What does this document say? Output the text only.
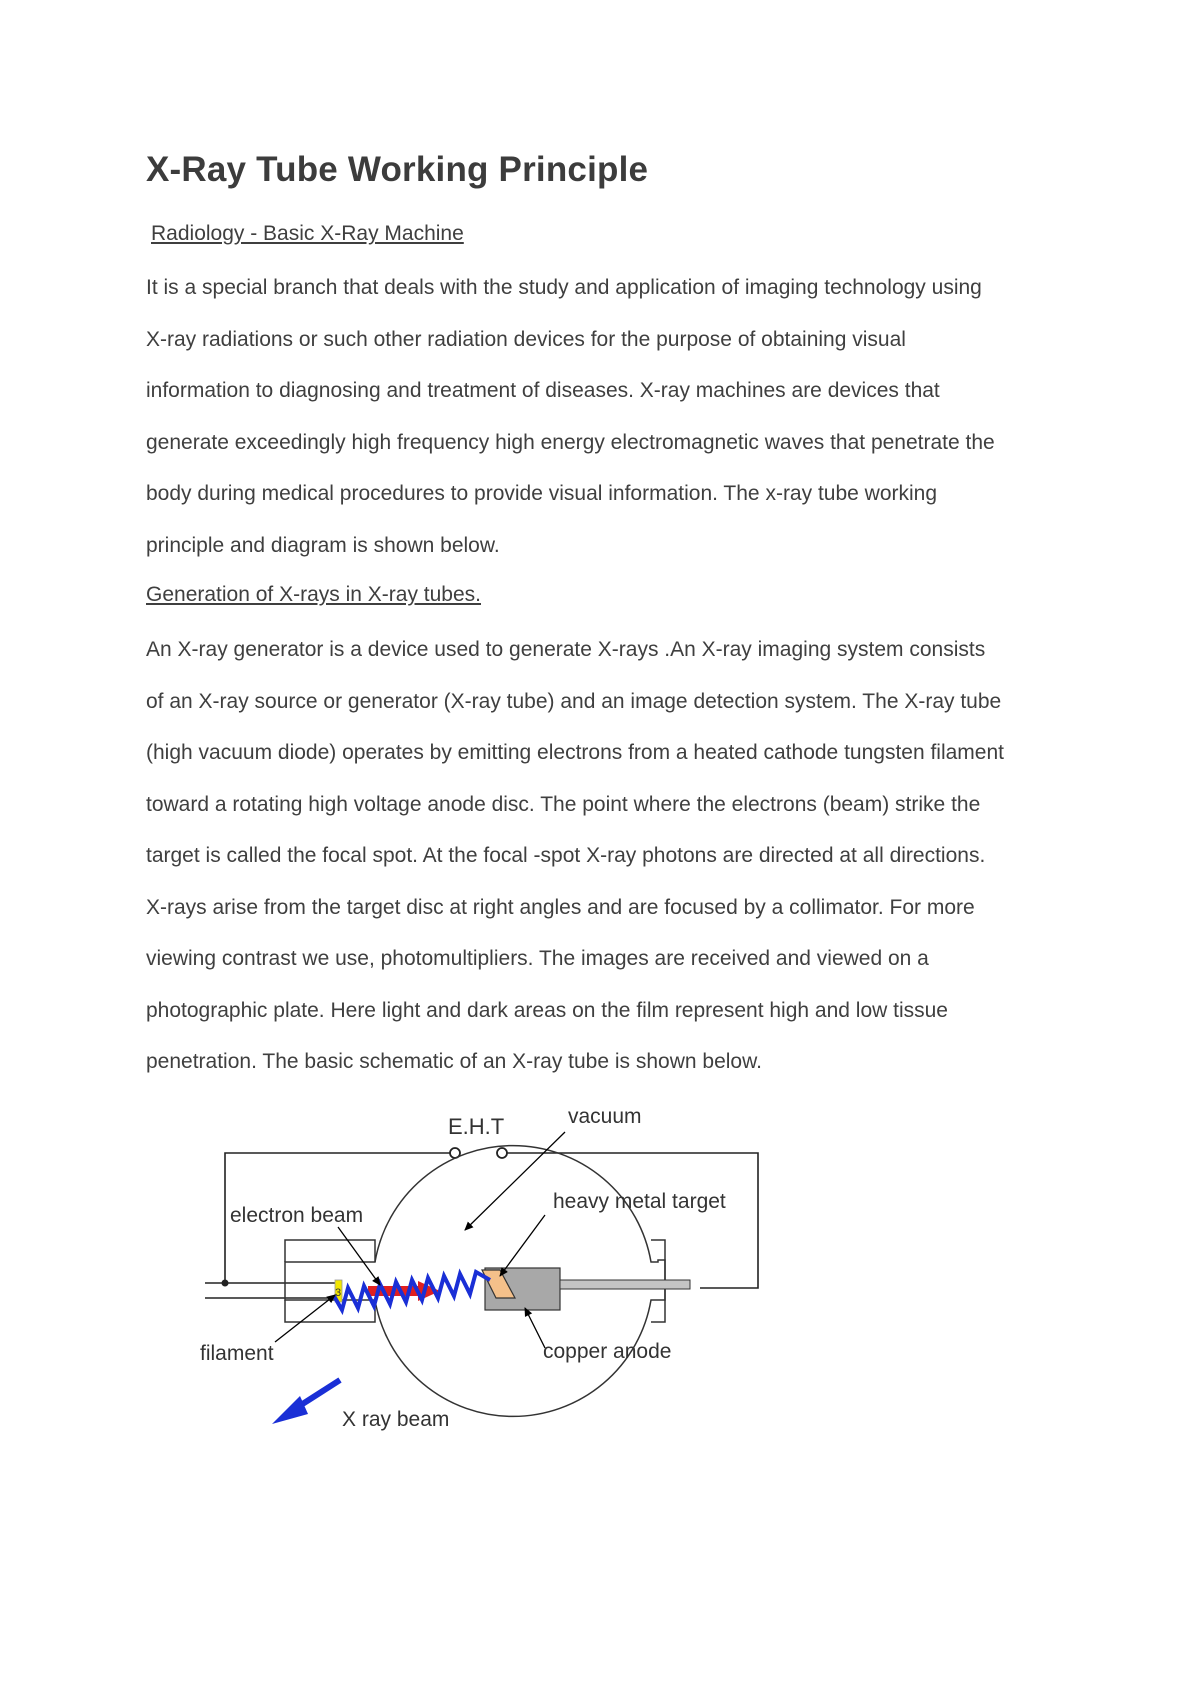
X-Ray Tube Working Principle

Radiology - Basic X-Ray Machine

It is a special branch that deals with the study and application of imaging technology using
X-ray radiations or such other radiation devices for the purpose of obtaining visual
information to diagnosing and treatment of diseases. X-ray machines are devices that
generate exceedingly high frequency high energy electromagnetic waves that penetrate the
body during medical procedures to provide visual information. The x-ray tube working
principle and diagram is shown below.

Generation of X-rays in X-ray tubes.

An X-ray generator is a device used to generate X-rays .An X-ray imaging system consists
of an X-ray source or generator (X-ray tube) and an image detection system. The X-ray tube
(high vacuum diode) operates by emitting electrons from a heated cathode tungsten filament
toward a rotating high voltage anode disc. The point where the electrons (beam) strike the
target is called the focal spot. At the focal -spot X-ray photons are directed at all directions.
X-rays arise from the target disc at right angles and are focused by a collimator. For more
viewing contrast we use, photomultipliers. The images are received and viewed on a
photographic plate. Here light and dark areas on the film represent high and low tissue
penetration. The basic schematic of an X-ray tube is shown below.
3
E.H.T	vacuum
electron beam
heavy metal target
filament	copper anode
X ray beam
